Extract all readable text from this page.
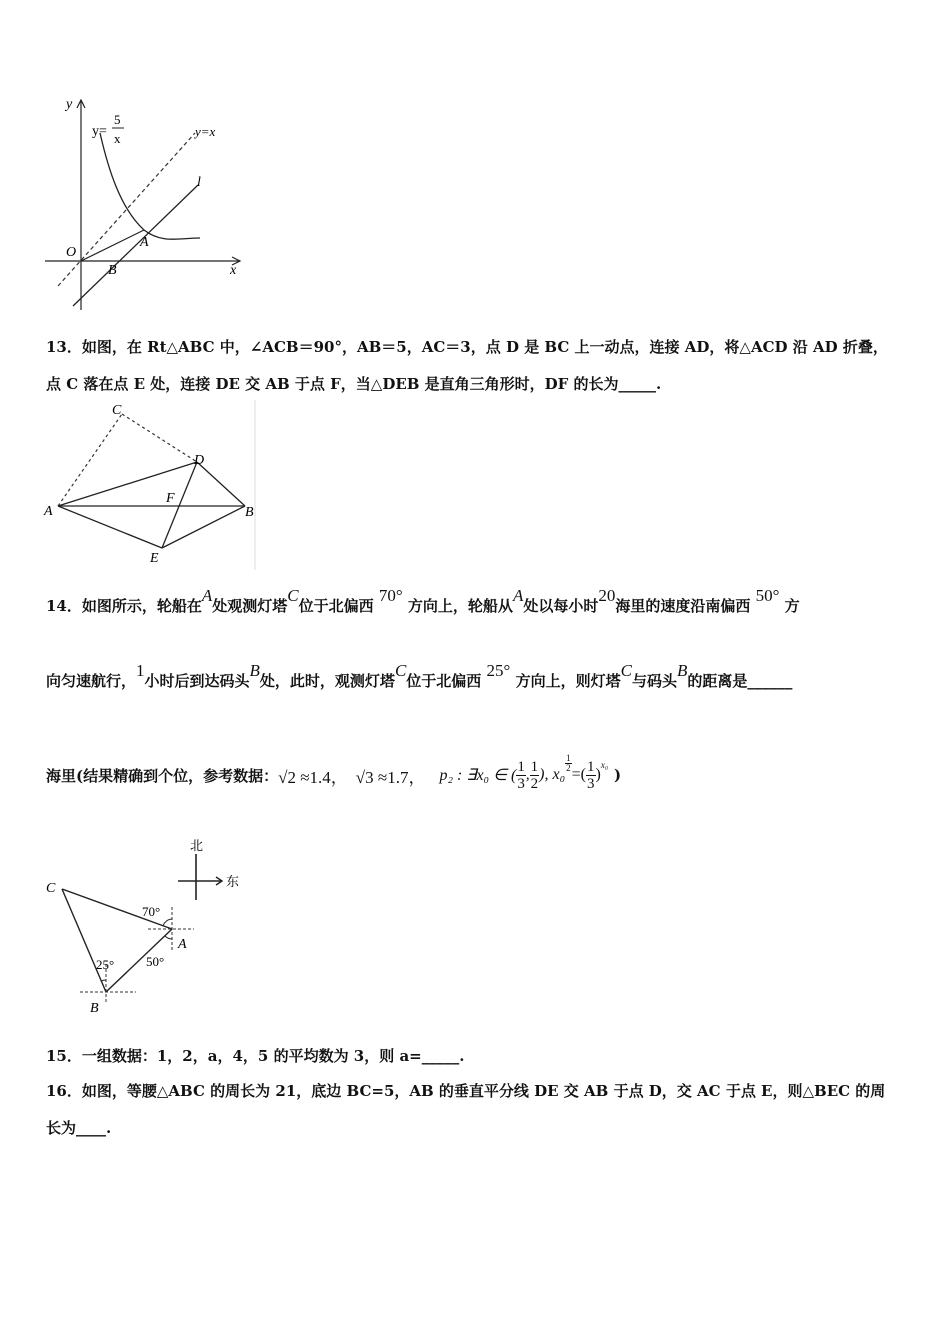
y
x
O
y=
5
x	y=x
l
A
B
13．如图，在 Rt△ABC 中，∠ACB＝90°，AB＝5，AC＝3，点 D 是 BC 上一动点，连接 AD，将△ACD 沿 AD 折叠，
点 C 落在点 E 处，连接 DE 交 AB 于点 F，当△DEB 是直角三角形时，DF 的长为_____.
C
D
A
F
B
E
14．如图所示，轮船在A处观测灯塔C位于北偏西 70° 方向上，轮船从A处以每小时20海里的速度沿南偏西 50° 方
向匀速航行，1小时后到达码头B处，此时，观测灯塔C位于北偏西 25° 方向上，则灯塔C与码头B的距离是______
海里(结果精确到个位，参考数据： √2 ≈1.4， √3 ≈1.7， p₂ : ∃x₀ ∈ ( $\frac{1}{3}$ , $\frac{1}{2}$ ), x₀
$\frac{1}{2}$
=( $\frac{1}{3}$ )
x₀
)
北
东
C
A
B
70°
50°
25°
15．一组数据：1，2，a，4，5 的平均数为 3，则 a=_____.
16．如图，等腰△ABC 的周长为 21，底边 BC=5，AB 的垂直平分线 DE 交 AB 于点 D，交 AC 于点 E，则△BEC 的周
长为____.
